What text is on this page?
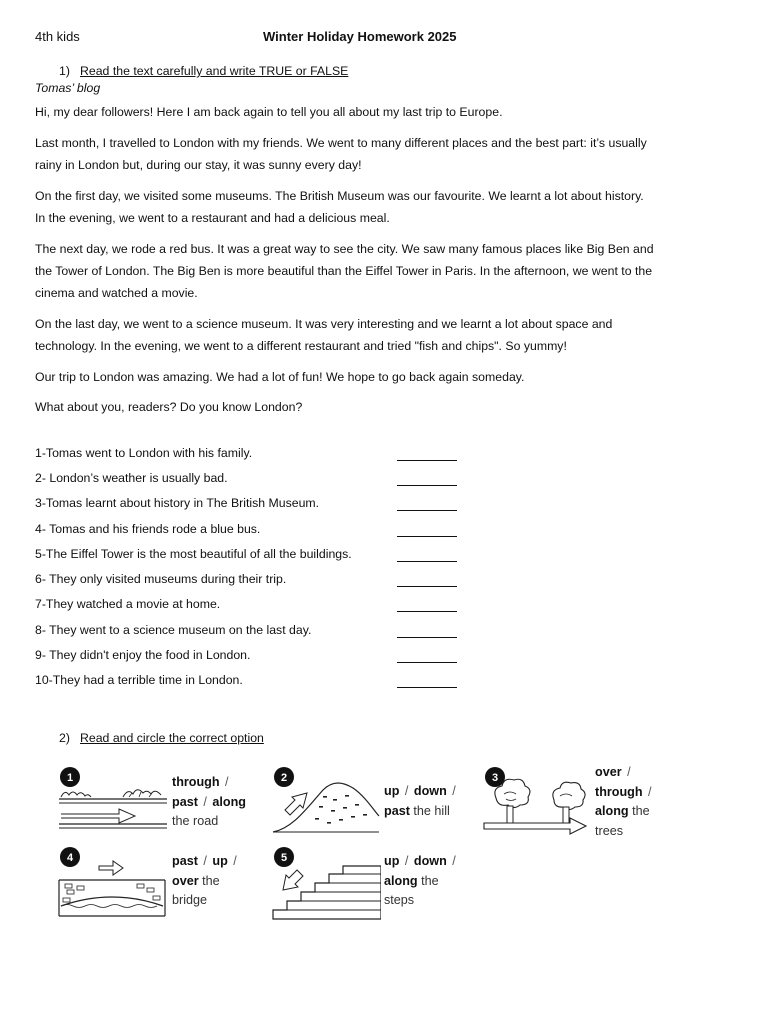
4th kids	Winter Holiday Homework 2025
1) Read the text carefully and write TRUE or FALSE
Tomas’ blog
Hi, my dear followers! Here I am back again to tell you all about my last trip to Europe.
Last month, I travelled to London with my friends. We went to many different places and the best part: it’s usually
rainy in London but, during our stay, it was sunny every day!
On the first day, we visited some museums. The British Museum was our favourite. We learnt a lot about history.
In the evening, we went to a restaurant and had a delicious meal.
The next day, we rode a red bus. It was a great way to see the city. We saw many famous places like Big Ben and
the Tower of London. The Big Ben is more beautiful than the Eiffel Tower in Paris. In the afternoon, we went to the
cinema and watched a movie.
On the last day, we went to a science museum. It was very interesting and we learnt a lot about space and
technology. In the evening, we went to a different restaurant and tried "fish and chips". So yummy!
Our trip to London was amazing. We had a lot of fun! We hope to go back again someday.
What about you, readers? Do you know London?
1-Tomas went to London with his family.
2- London’s weather is usually bad.
3-Tomas learnt about history in The British Museum.
4- Tomas and his friends rode a blue bus.
5-The Eiffel Tower is the most beautiful of all the buildings.
6- They only visited museums during their trip.
7-They watched a movie at home.
8- They went to a science museum on the last day.
9- They didn't enjoy the food in London.
10-They had a terrible time in London.
2) Read and circle the correct option
1	through /
past / along
the road
2
up / down /
past the hill
3	over /
through /
along the
trees
4	past / up /
over the
bridge
5	up / down /
along the
steps
